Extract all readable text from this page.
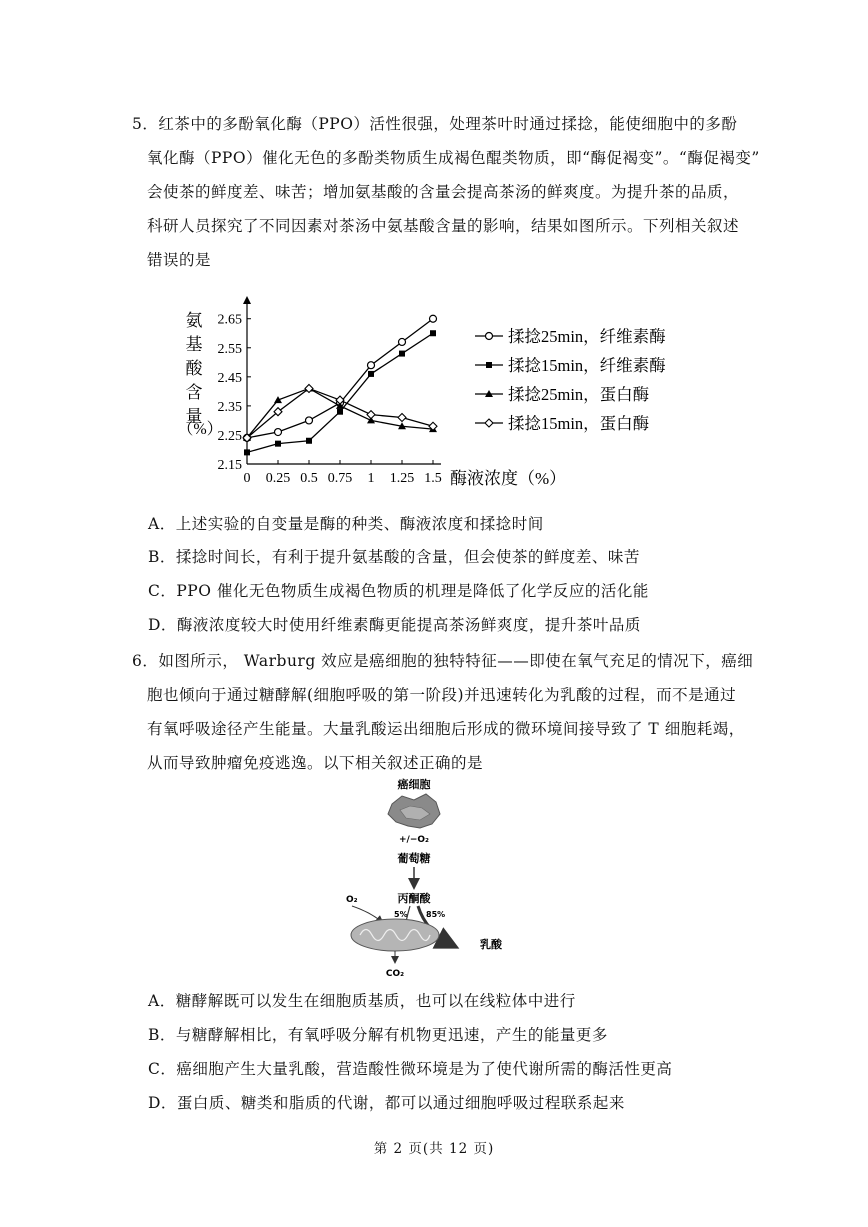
5．红茶中的多酚氧化酶（PPO）活性很强，处理茶叶时通过揉捻，能使细胞中的多酚
氧化酶（PPO）催化无色的多酚类物质生成褐色醌类物质，即“酶促褐变”。“酶促褐变”
会使茶的鲜度差、味苦；增加氨基酸的含量会提高茶汤的鲜爽度。为提升茶的品质，
科研人员探究了不同因素对茶汤中氨基酸含量的影响，结果如图所示。下列相关叙述
错误的是
2.15
2.25
2.35
2.45
2.55
2.65
0 0.25 0.5 0.75 1 1.25 1.5
氨
基
酸
含
量
（%）
酶液浓度（%）
揉捻25min，纤维素酶
揉捻15min，纤维素酶
揉捻25min，蛋白酶
揉捻15min，蛋白酶
A．上述实验的自变量是酶的种类、酶液浓度和揉捻时间
B．揉捻时间长，有利于提升氨基酸的含量，但会使茶的鲜度差、味苦
C．PPO 催化无色物质生成褐色物质的机理是降低了化学反应的活化能
D．酶液浓度较大时使用纤维素酶更能提高茶汤鲜爽度，提升茶叶品质
6．如图所示， Warburg 效应是癌细胞的独特特征——即使在氧气充足的情况下，癌细
胞也倾向于通过糖酵解(细胞呼吸的第一阶段)并迅速转化为乳酸的过程，而不是通过
有氧呼吸途径产生能量。大量乳酸运出细胞后形成的微环境间接导致了 T 细胞耗竭，
从而导致肿瘤免疫逃逸。以下相关叙述正确的是
癌细胞
+/−O₂
葡萄糖
丙酮酸
O₂
5% 85%
乳酸
CO₂
A．糖酵解既可以发生在细胞质基质，也可以在线粒体中进行
B．与糖酵解相比，有氧呼吸分解有机物更迅速，产生的能量更多
C．癌细胞产生大量乳酸，营造酸性微环境是为了使代谢所需的酶活性更高
D．蛋白质、糖类和脂质的代谢，都可以通过细胞呼吸过程联系起来
第 2 页(共 12 页)
